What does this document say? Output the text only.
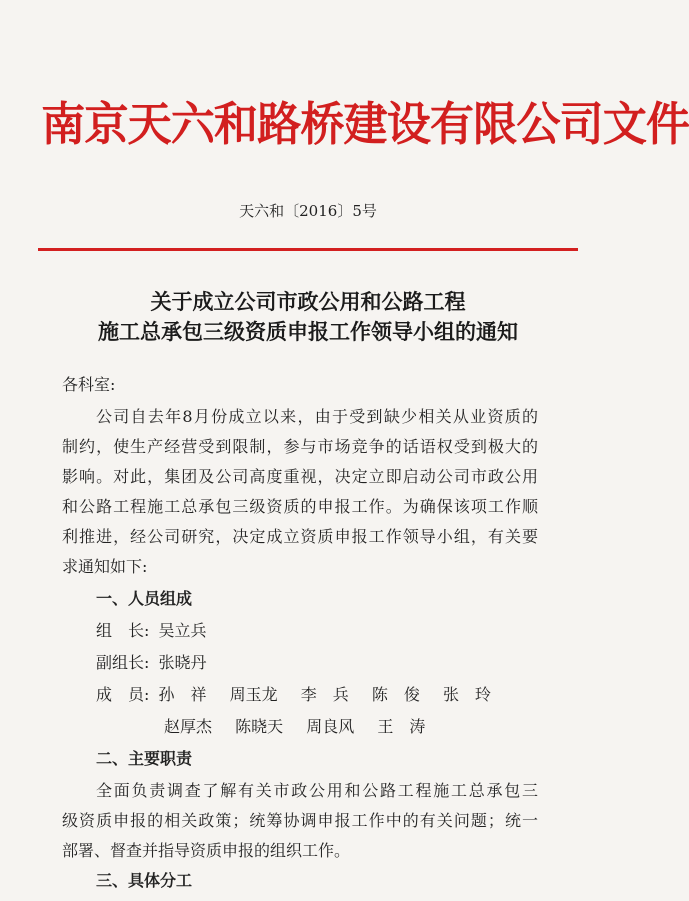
南京天六和路桥建设有限公司文件
天六和〔2016〕5号
关于成立公司市政公用和公路工程
施工总承包三级资质申报工作领导小组的通知
各科室:
公司自去年8月份成立以来，由于受到缺少相关从业资质的
制约，使生产经营受到限制，参与市场竞争的话语权受到极大的
影响。对此，集团及公司高度重视，决定立即启动公司市政公用
和公路工程施工总承包三级资质的申报工作。为确保该项工作顺
利推进，经公司研究，决定成立资质申报工作领导小组，有关要
求通知如下:
一、人员组成
组　长: 吴立兵
副组长: 张晓丹
成　员: 孙　祥 周玉龙 李　兵 陈　俊 张　玲
赵厚杰 陈晓天 周良风 王　涛
二、主要职责
全面负责调查了解有关市政公用和公路工程施工总承包三
级资质申报的相关政策；统筹协调申报工作中的有关问题；统一
部署、督查并指导资质申报的组织工作。
三、具体分工
